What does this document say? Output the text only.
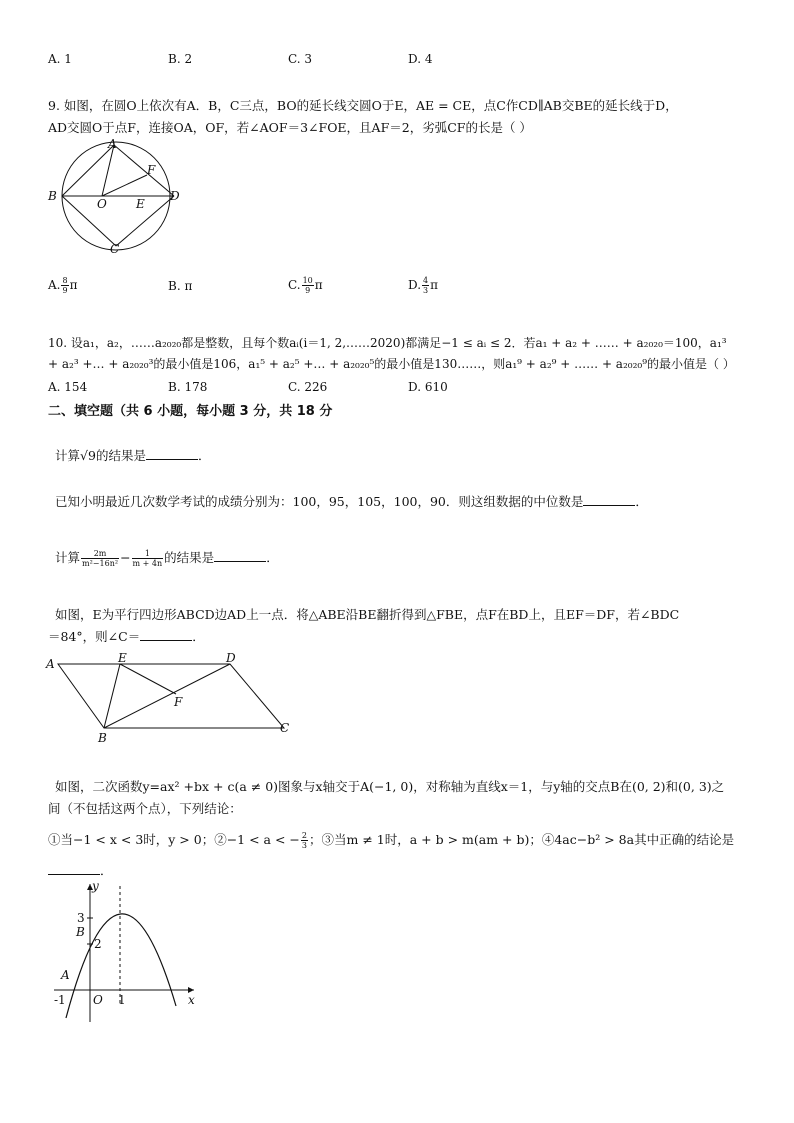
A. 1	B. 2	C. 3	D. 4
9. 如图，在圆O上依次有A．B，C三点，BO的延长线交圆O于E，AE = CE，点C作CD∥AB交BE的延长线于D，
AD交圆O于点F，连接OA，OF，若∠AOF＝3∠FOE，且AF＝2，劣弧CF的长是（ ）
A
B
C
D
E
F
O
A. $\frac{8}{9}$ π	B. π	C. $\frac{10}{9}$ π	D. $\frac{4}{3}$ π
10. 设a₁，a₂，……a₂₀₂₀都是整数，且每个数aᵢ(i＝1, 2,……2020)都满足−1 ≤ aᵢ ≤ 2．若a₁ + a₂ + …… + a₂₀₂₀＝100，a₁³
+ a₂³ +… + a₂₀₂₀³的最小值是106，a₁⁵ + a₂⁵ +… + a₂₀₂₀⁵的最小值是130……，则a₁⁹ + a₂⁹ + …… + a₂₀₂₀⁹的最小值是（ ）
A. 154	B. 178	C. 226	D. 610
二、填空题（共 6 小题，每小题 3 分，共 18 分
计算√9的结果是	．
已知小明最近几次数学考试的成绩分别为：100，95，105，100，90．则这组数据的中位数是	．
计算 $\frac{2m}{\text{m²−16n²}} - \frac{1}{m + 4n}$ 的结果是	．
如图，E为平行四边形ABCD边AD上一点．将△ABE沿BE翻折得到△FBE，点F在BD上，且EF＝DF，若∠BDC
＝84°，则∠C＝	．
A
B
C
D
E
F
如图，二次函数y=ax² +bx + c(a ≠ 0)图象与x轴交于A(−1, 0)，对称轴为直线x＝1，与y轴的交点B在(0, 2)和(0, 3)之
间（不包括这两个点），下列结论：
①当−1 < x < 3时，y > 0；②−1 < a < − $\frac{2}{3}$ ；③当m ≠ 1时，a + b > m(am + b)；④4ac−b² > 8a其中正确的结论是
．
y
x
3
B
2
A
-1 O 1
